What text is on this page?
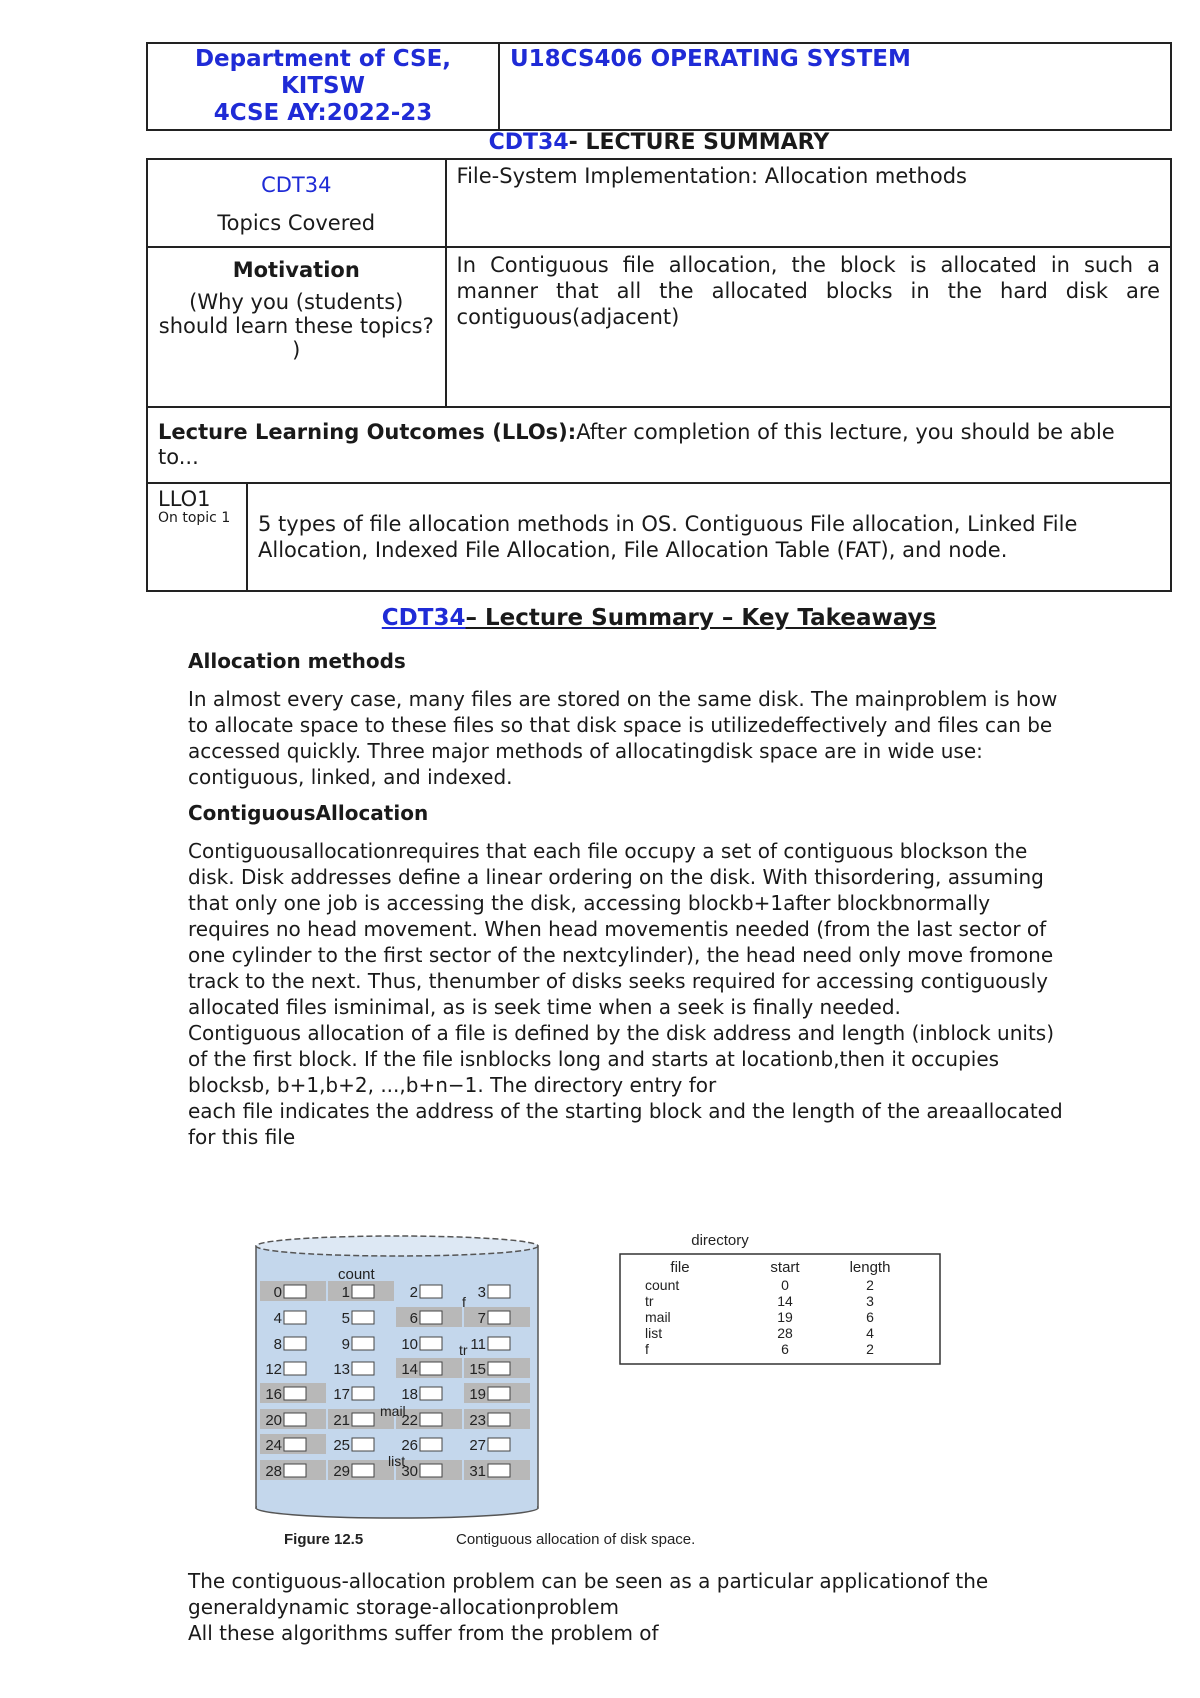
Department of CSE,
KITSW
4CSE AY:2022-23

U18CS406 OPERATING SYSTEM
CDT34- LECTURE SUMMARY
CDT34
Topics Covered		File-System Implementation: Allocation methods

Motivation
(Why you (students) should learn these topics? )		In Contiguous file allocation, the block is allocated in such a manner that all the allocated blocks in the hard disk are contiguous(adjacent)
Lecture Learning Outcomes (LLOs):After completion of this lecture, you should be able to...		

LLO1
On topic 1	5 types of file allocation methods in OS. Contiguous File allocation, Linked File Allocation, Indexed File Allocation, File Allocation Table (FAT), and node.	
CDT34– Lecture Summary – Key Takeaways

Allocation methods

In almost every case, many files are stored on the same disk. The mainproblem is how to allocate space to these files so that disk space is utilizedeffectively and files can be accessed quickly. Three major methods of allocatingdisk space are in wide use: contiguous, linked, and indexed.

ContiguousAllocation

Contiguousallocationrequires that each file occupy a set of contiguous blockson the disk. Disk addresses define a linear ordering on the disk. With thisordering, assuming that only one job is accessing the disk, accessing blockb+1after blockbnormally requires no head movement. When head movementis needed (from the last sector of one cylinder to the first sector of the nextcylinder), the head need only move fromone track to the next. Thus, thenumber of disks seeks required for accessing contiguously allocated files isminimal, as is seek time when a seek is finally needed.

Contiguous allocation of a file is defined by the disk address and length (inblock units) of the first block. If the file isnblocks long and starts at locationb,then it occupies blocksb, b+1,b+2, ...,b+n−1. The directory entry for

each file indicates the address of the starting block and the length of the areaallocated for this file

0	1	2	3
4	5	6	7
8	9	10	11
12	13	14	15
16	17	18	19
20	21	22	23
24	25	26	27
28	29	30	31
count
f
tr
mail
list
directory
file	start	length
count	0	2
tr	14	3
mail	19	6
list	28	4
f	6	2
Figure 12.5	Contiguous allocation of disk space.

The contiguous-allocation problem can be seen as a particular applicationof the generaldynamic storage-allocationproblem

All these algorithms suffer from the problem of
